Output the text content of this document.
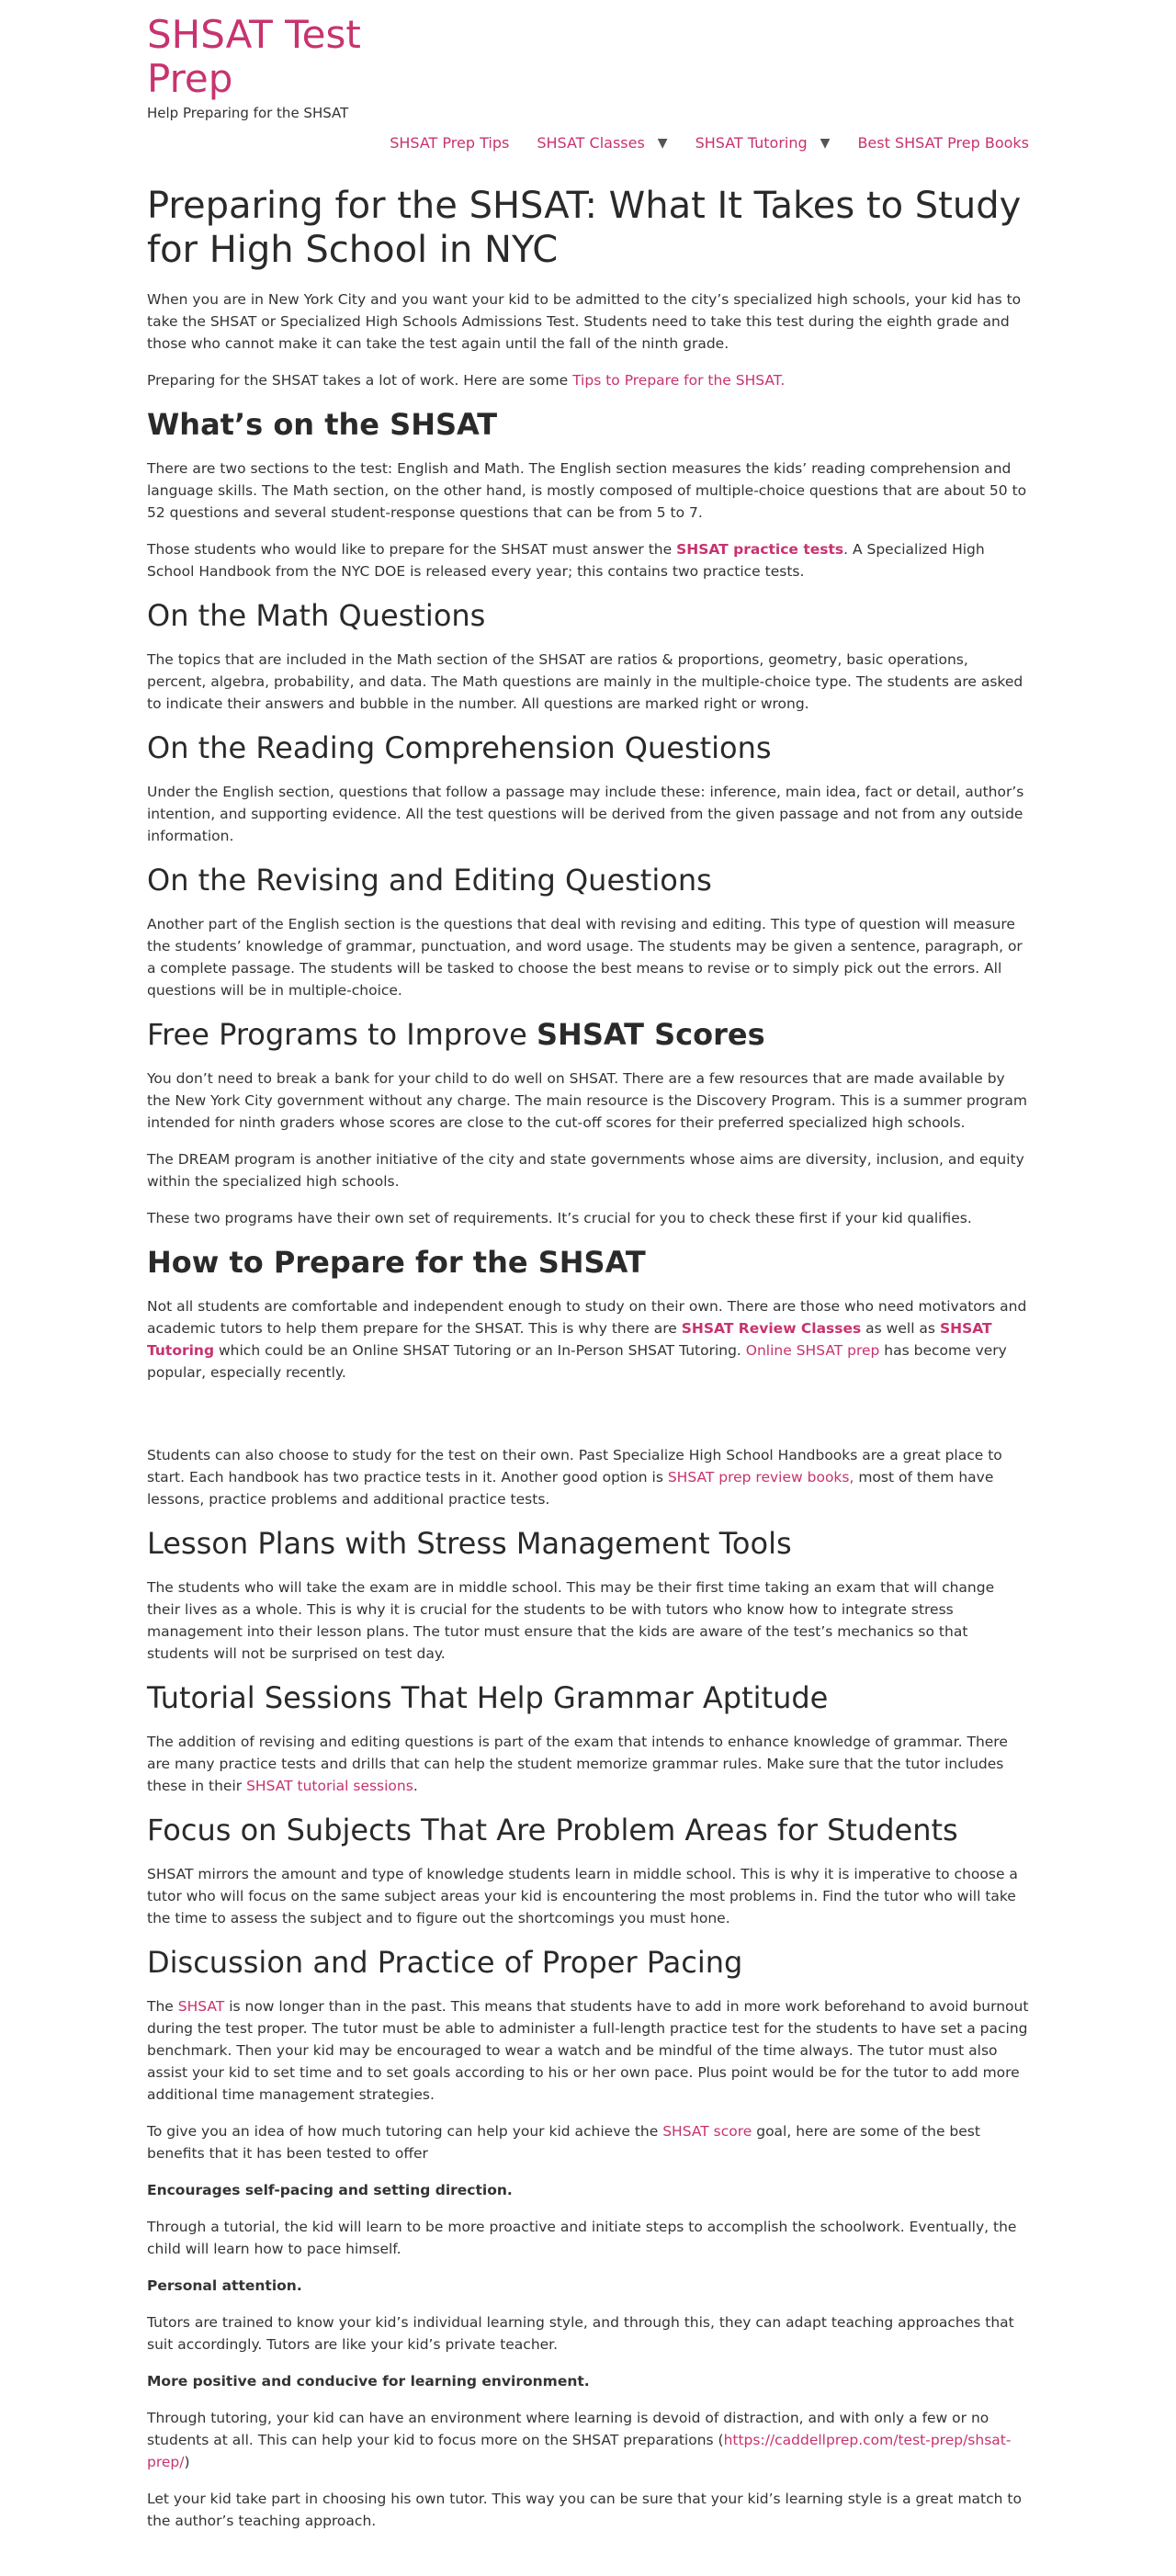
SHSAT Test Prep
Help Preparing for the SHSAT
SHSAT Prep Tips SHSAT Classes ▼ SHSAT Tutoring ▼ Best SHSAT Prep Books
Preparing for the SHSAT: What It Takes to Study for High School in NYC

When you are in New York City and you want your kid to be admitted to the city’s specialized high schools, your kid has to take the SHSAT or Specialized High Schools Admissions Test. Students need to take this test during the eighth grade and those who cannot make it can take the test again until the fall of the ninth grade.

Preparing for the SHSAT takes a lot of work. Here are some Tips to Prepare for the SHSAT.

What’s on the SHSAT

There are two sections to the test: English and Math. The English section measures the kids’ reading comprehension and language skills. The Math section, on the other hand, is mostly composed of multiple-choice questions that are about 50 to 52 questions and several student-response questions that can be from 5 to 7.

Those students who would like to prepare for the SHSAT must answer the SHSAT practice tests. A Specialized High School Handbook from the NYC DOE is released every year; this contains two practice tests.

On the Math Questions

The topics that are included in the Math section of the SHSAT are ratios & proportions, geometry, basic operations, percent, algebra, probability, and data. The Math questions are mainly in the multiple-choice type. The students are asked to indicate their answers and bubble in the number. All questions are marked right or wrong.

On the Reading Comprehension Questions

Under the English section, questions that follow a passage may include these: inference, main idea, fact or detail, author’s intention, and supporting evidence. All the test questions will be derived from the given passage and not from any outside information.

On the Revising and Editing Questions

Another part of the English section is the questions that deal with revising and editing. This type of question will measure the students’ knowledge of grammar, punctuation, and word usage. The students may be given a sentence, paragraph, or a complete passage. The students will be tasked to choose the best means to revise or to simply pick out the errors. All questions will be in multiple-choice.

Free Programs to Improve SHSAT Scores

You don’t need to break a bank for your child to do well on SHSAT. There are a few resources that are made available by the New York City government without any charge. The main resource is the Discovery Program. This is a summer program intended for ninth graders whose scores are close to the cut-off scores for their preferred specialized high schools.

The DREAM program is another initiative of the city and state governments whose aims are diversity, inclusion, and equity within the specialized high schools.

These two programs have their own set of requirements. It’s crucial for you to check these first if your kid qualifies.

How to Prepare for the SHSAT

Not all students are comfortable and independent enough to study on their own. There are those who need motivators and academic tutors to help them prepare for the SHSAT. This is why there are SHSAT Review Classes as well as SHSAT Tutoring which could be an Online SHSAT Tutoring or an In-Person SHSAT Tutoring. Online SHSAT prep has become very popular, especially recently.

Students can also choose to study for the test on their own. Past Specialize High School Handbooks are a great place to start. Each handbook has two practice tests in it. Another good option is SHSAT prep review books, most of them have lessons, practice problems and additional practice tests.

Lesson Plans with Stress Management Tools

The students who will take the exam are in middle school. This may be their first time taking an exam that will change their lives as a whole. This is why it is crucial for the students to be with tutors who know how to integrate stress management into their lesson plans. The tutor must ensure that the kids are aware of the test’s mechanics so that students will not be surprised on test day.

Tutorial Sessions That Help Grammar Aptitude

The addition of revising and editing questions is part of the exam that intends to enhance knowledge of grammar. There are many practice tests and drills that can help the student memorize grammar rules. Make sure that the tutor includes these in their SHSAT tutorial sessions.

Focus on Subjects That Are Problem Areas for Students

SHSAT mirrors the amount and type of knowledge students learn in middle school. This is why it is imperative to choose a tutor who will focus on the same subject areas your kid is encountering the most problems in. Find the tutor who will take the time to assess the subject and to figure out the shortcomings you must hone.

Discussion and Practice of Proper Pacing

The SHSAT is now longer than in the past. This means that students have to add in more work beforehand to avoid burnout during the test proper. The tutor must be able to administer a full-length practice test for the students to have set a pacing benchmark. Then your kid may be encouraged to wear a watch and be mindful of the time always. The tutor must also assist your kid to set time and to set goals according to his or her own pace. Plus point would be for the tutor to add more additional time management strategies.

To give you an idea of how much tutoring can help your kid achieve the SHSAT score goal, here are some of the best benefits that it has been tested to offer

Encourages self-pacing and setting direction.

Through a tutorial, the kid will learn to be more proactive and initiate steps to accomplish the schoolwork. Eventually, the child will learn how to pace himself.

Personal attention.

Tutors are trained to know your kid’s individual learning style, and through this, they can adapt teaching approaches that suit accordingly. Tutors are like your kid’s private teacher.

More positive and conducive for learning environment.

Through tutoring, your kid can have an environment where learning is devoid of distraction, and with only a few or no students at all. This can help your kid to focus more on the SHSAT preparations (https://caddellprep.com/test-prep/shsat-prep/)

Let your kid take part in choosing his own tutor. This way you can be sure that your kid’s learning style is a great match to the author’s teaching approach.
